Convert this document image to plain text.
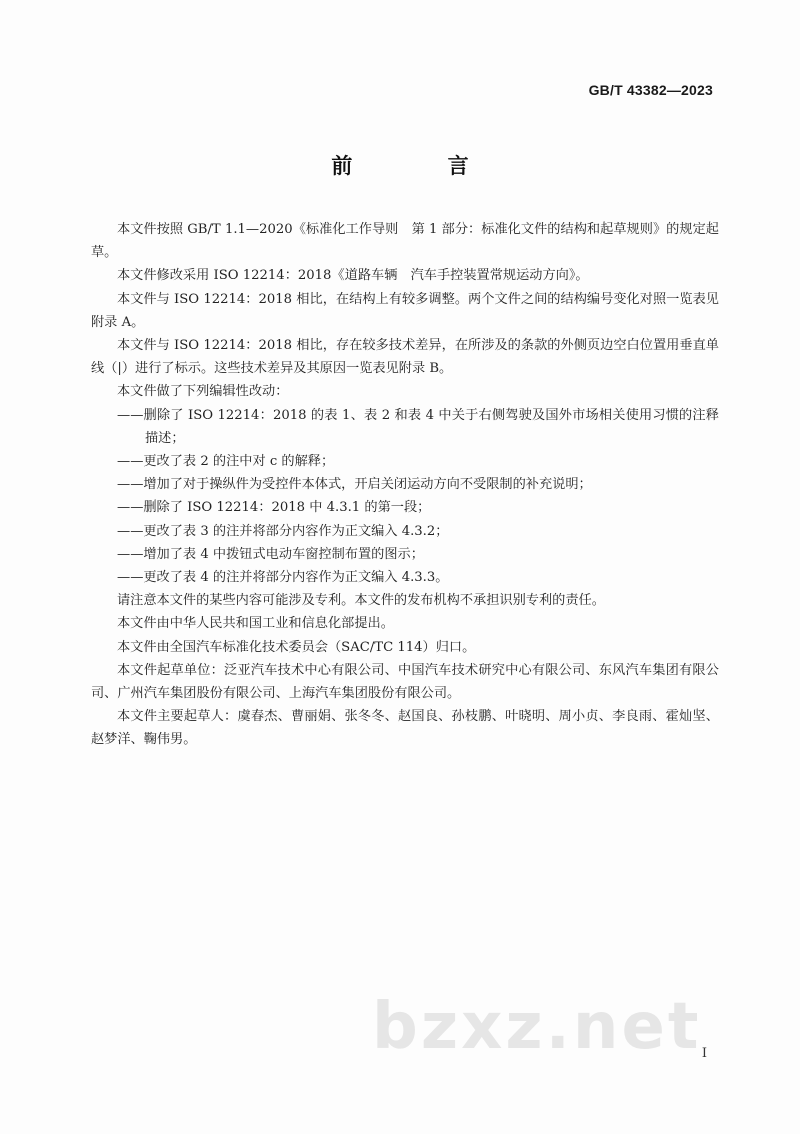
GB/T 43382—2023
前 言

本文件按照 GB/T 1.1—2020《标准化工作导则　第 1 部分：标准化文件的结构和起草规则》的规定起草。

本文件修改采用 ISO 12214：2018《道路车辆　汽车手控装置常规运动方向》。

本文件与 ISO 12214：2018 相比，在结构上有较多调整。两个文件之间的结构编号变化对照一览表见附录 A。

本文件与 ISO 12214：2018 相比，存在较多技术差异，在所涉及的条款的外侧页边空白位置用垂直单线（|）进行了标示。这些技术差异及其原因一览表见附录 B。

本文件做了下列编辑性改动：

——删除了 ISO 12214：2018 的表 1、表 2 和表 4 中关于右侧驾驶及国外市场相关使用习惯的注释描述；

——更改了表 2 的注中对 c 的解释；

——增加了对于操纵件为受控件本体式，开启关闭运动方向不受限制的补充说明；

——删除了 ISO 12214：2018 中 4.3.1 的第一段；

——更改了表 3 的注并将部分内容作为正文编入 4.3.2；

——增加了表 4 中拨钮式电动车窗控制布置的图示；

——更改了表 4 的注并将部分内容作为正文编入 4.3.3。

请注意本文件的某些内容可能涉及专利。本文件的发布机构不承担识别专利的责任。

本文件由中华人民共和国工业和信息化部提出。

本文件由全国汽车标准化技术委员会（SAC/TC 114）归口。

本文件起草单位：泛亚汽车技术中心有限公司、中国汽车技术研究中心有限公司、东风汽车集团有限公司、广州汽车集团股份有限公司、上海汽车集团股份有限公司。

本文件主要起草人：虞春杰、曹丽娟、张冬冬、赵国良、孙枝鹏、叶晓明、周小贞、李良雨、霍灿坚、赵梦洋、鞠伟男。

bzxz.net I
